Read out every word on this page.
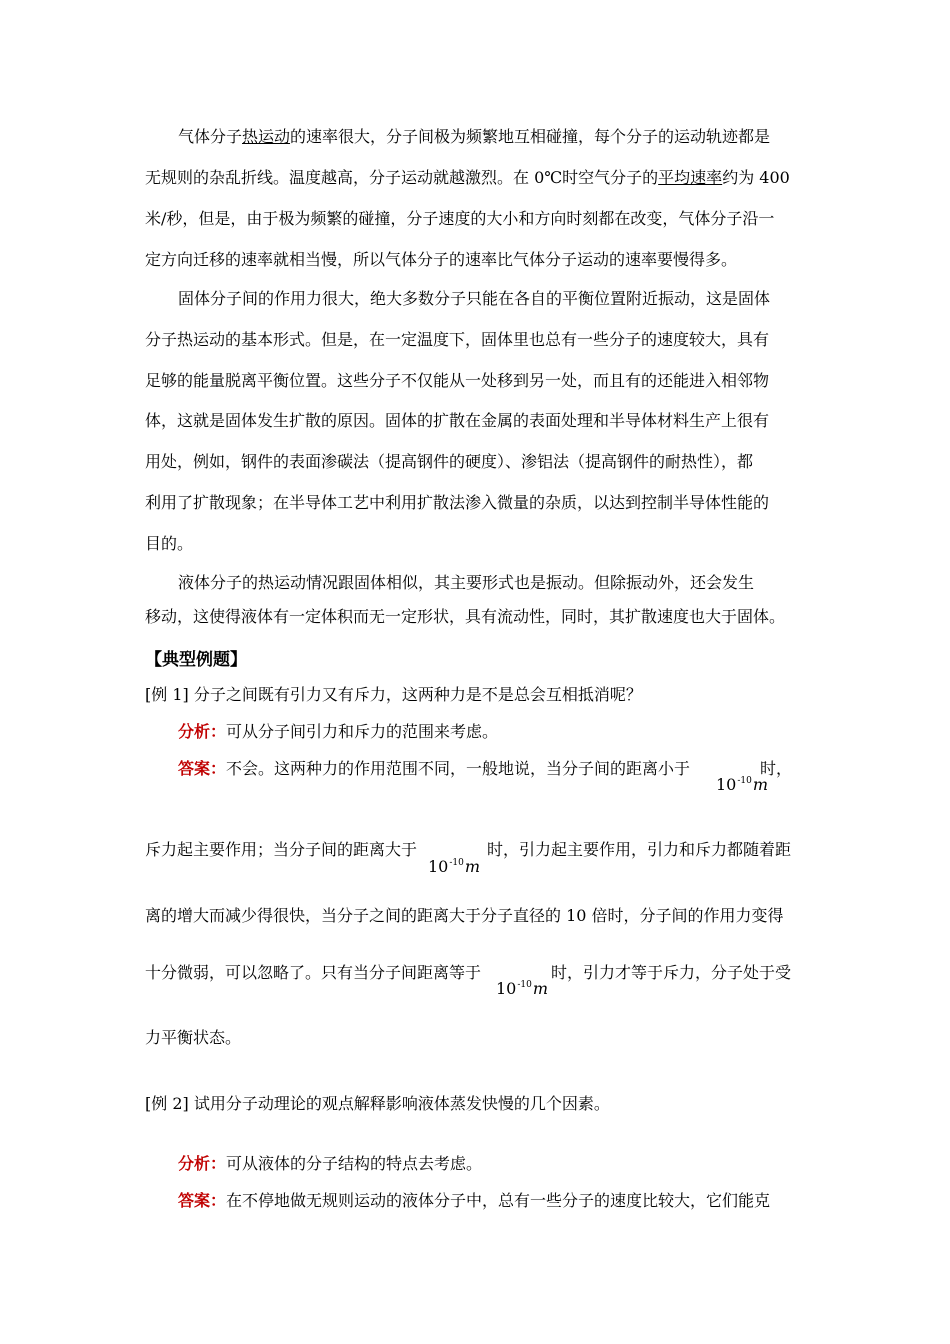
气体分子热运动的速率很大，分子间极为频繁地互相碰撞，每个分子的运动轨迹都是
无规则的杂乱折线。温度越高，分子运动就越激烈。在 0℃时空气分子的平均速率约为 400
米/秒，但是，由于极为频繁的碰撞，分子速度的大小和方向时刻都在改变，气体分子沿一
定方向迁移的速率就相当慢，所以气体分子的速率比气体分子运动的速率要慢得多。
固体分子间的作用力很大，绝大多数分子只能在各自的平衡位置附近振动，这是固体
分子热运动的基本形式。但是，在一定温度下，固体里也总有一些分子的速度较大，具有
足够的能量脱离平衡位置。这些分子不仅能从一处移到另一处，而且有的还能进入相邻物
体，这就是固体发生扩散的原因。固体的扩散在金属的表面处理和半导体材料生产上很有
用处，例如，钢件的表面渗碳法（提高钢件的硬度）、渗铝法（提高钢件的耐热性），都
利用了扩散现象；在半导体工艺中利用扩散法渗入微量的杂质，以达到控制半导体性能的
目的。
液体分子的热运动情况跟固体相似，其主要形式也是振动。但除振动外，还会发生
移动，这使得液体有一定体积而无一定形状，具有流动性，同时，其扩散速度也大于固体。
【典型例题】
[例 1] 分子之间既有引力又有斥力，这两种力是不是总会互相抵消呢？
分析：可从分子间引力和斥力的范围来考虑。
答案：不会。这两种力的作用范围不同，一般地说，当分子间的距离小于	时，
$10^{-10}m$
斥力起主要作用；当分子间的距离大于	时，引力起主要作用，引力和斥力都随着距
$10^{-10}m$
离的增大而减少得很快，当分子之间的距离大于分子直径的 10 倍时，分子间的作用力变得
十分微弱，可以忽略了。只有当分子间距离等于	时，引力才等于斥力，分子处于受
$10^{-10}m$
力平衡状态。
[例 2] 试用分子动理论的观点解释影响液体蒸发快慢的几个因素。
分析：可从液体的分子结构的特点去考虑。
答案：在不停地做无规则运动的液体分子中，总有一些分子的速度比较大，它们能克
